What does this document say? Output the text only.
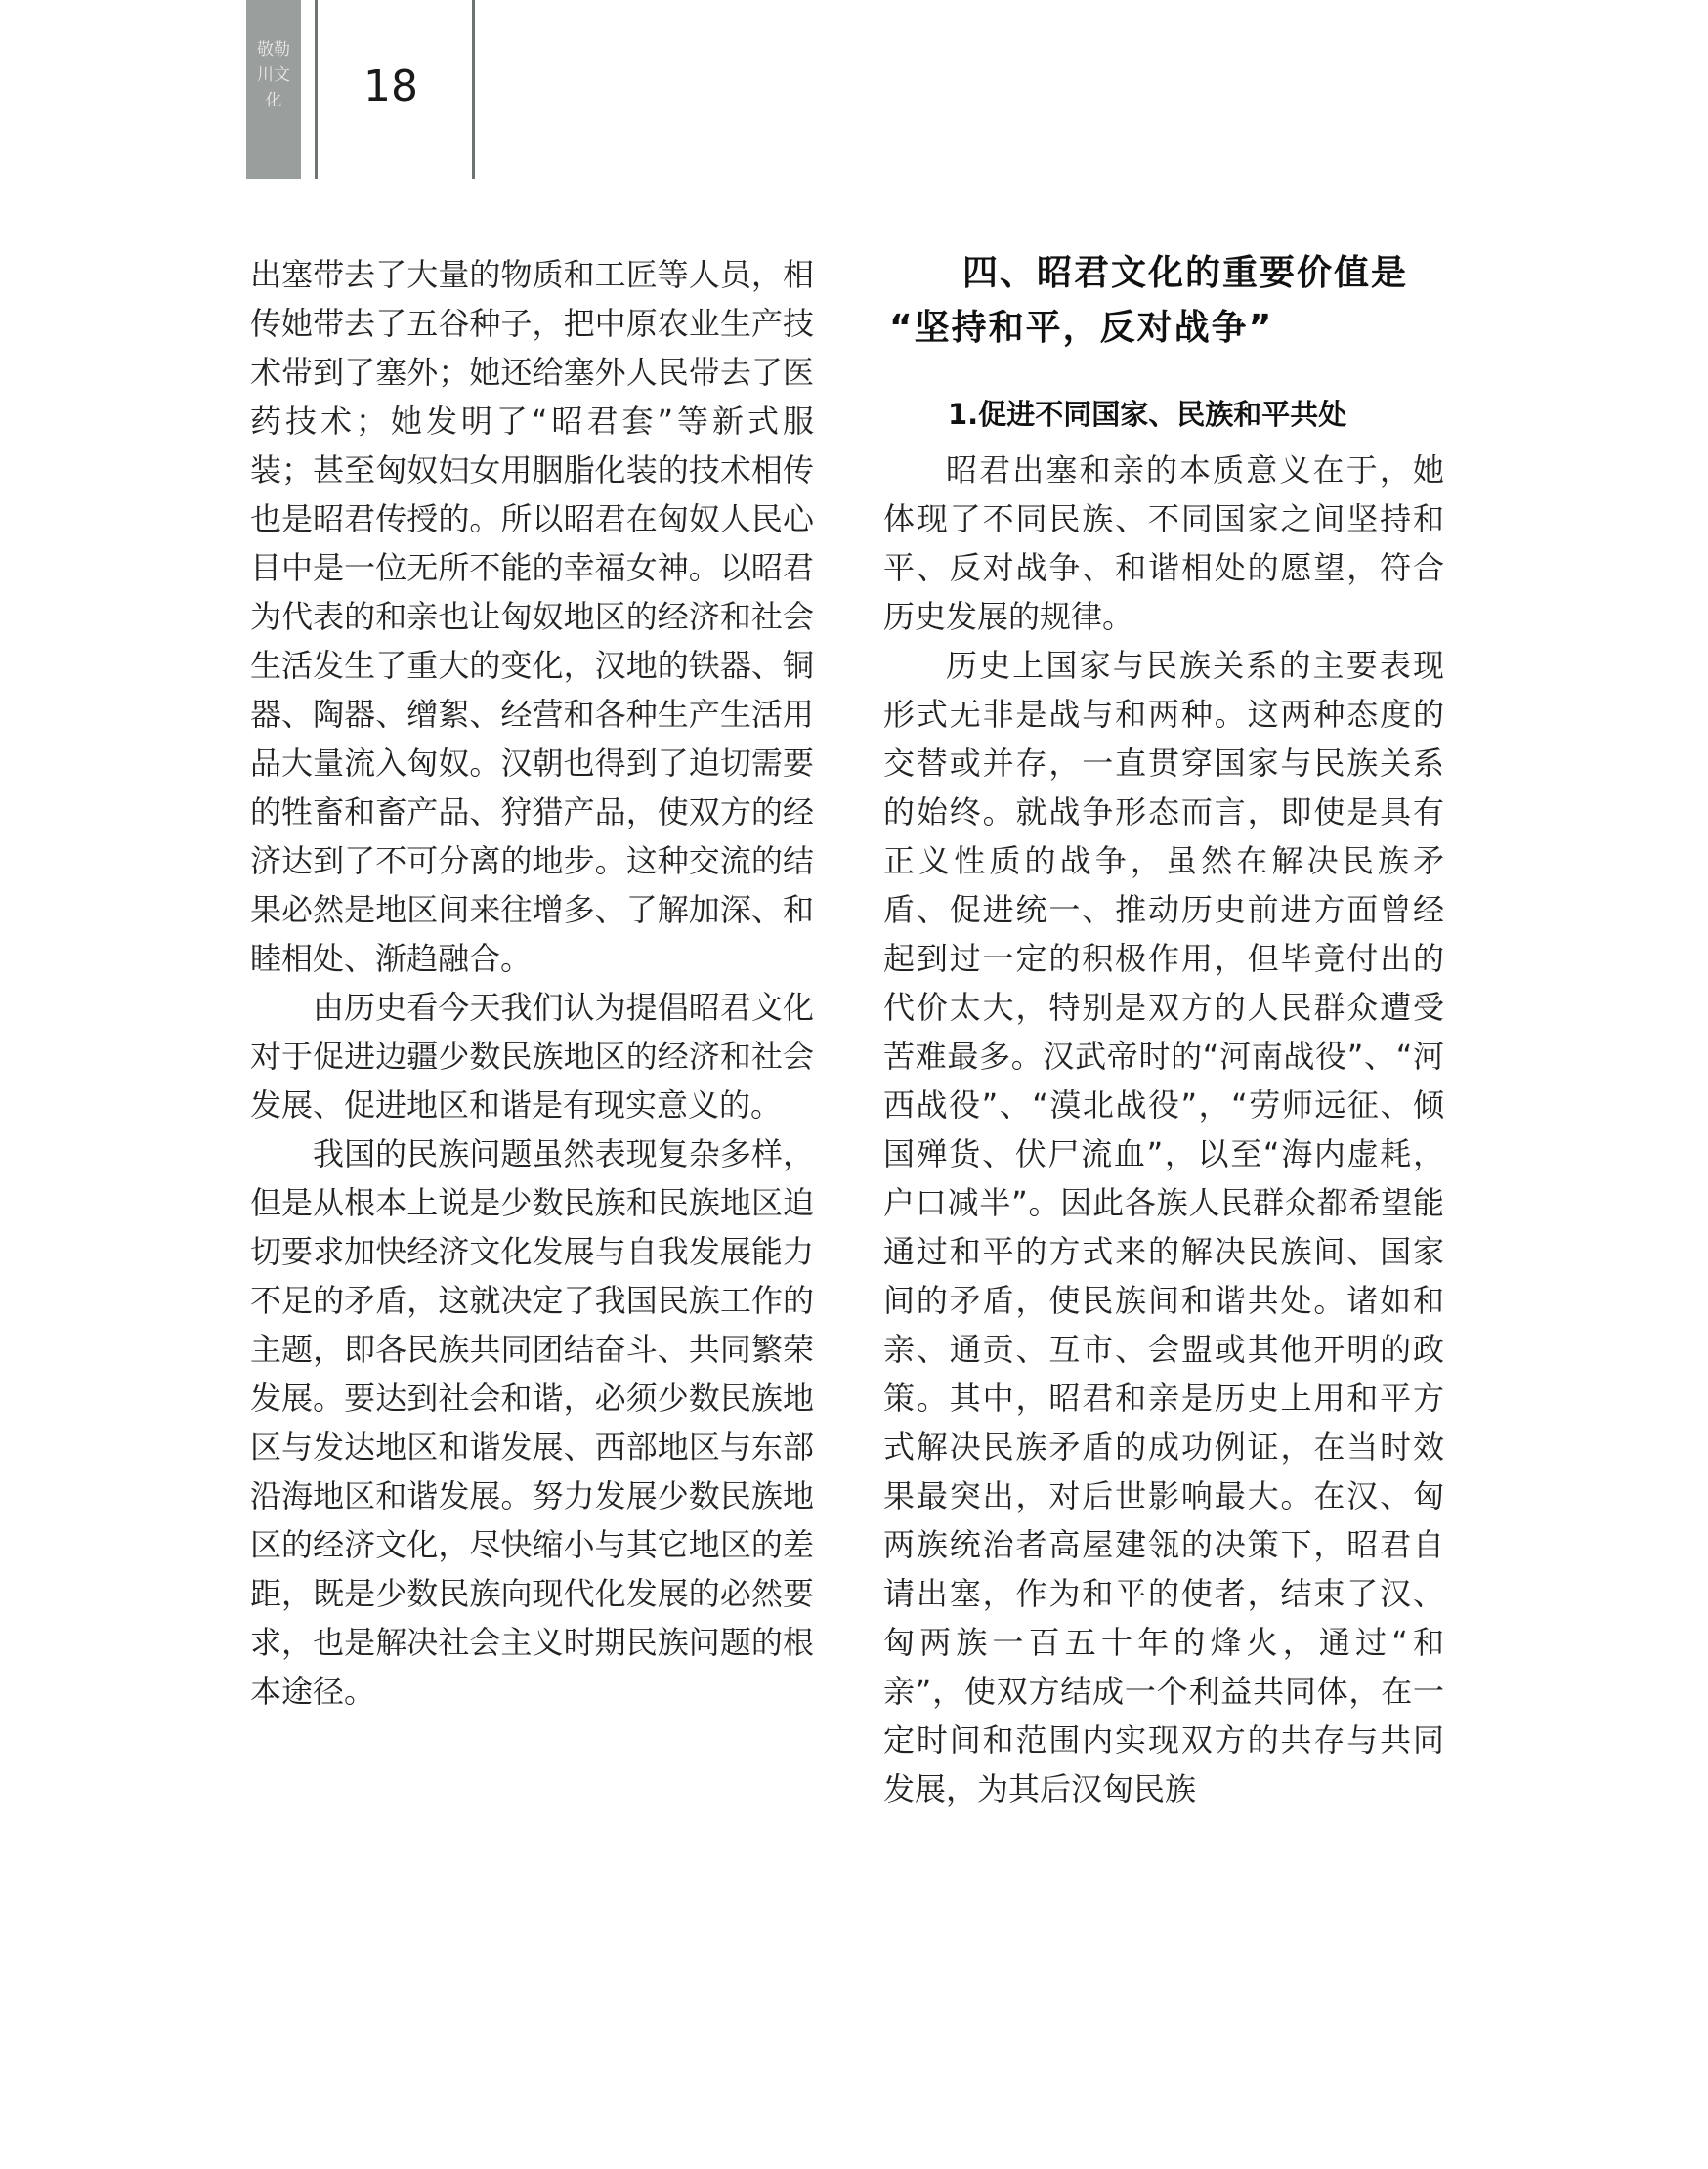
敬勒川文化 18

出塞带去了大量的物质和工匠等人员，相传她带去了五谷种子，把中原农业生产技术带到了塞外；她还给塞外人民带去了医药技术；她发明了“昭君套”等新式服装；甚至匈奴妇女用胭脂化装的技术相传也是昭君传授的。所以昭君在匈奴人民心目中是一位无所不能的幸福女神。以昭君为代表的和亲也让匈奴地区的经济和社会生活发生了重大的变化，汉地的铁器、铜器、陶器、缯絮、经营和各种生产生活用品大量流入匈奴。汉朝也得到了迫切需要的牲畜和畜产品、狩猎产品，使双方的经济达到了不可分离的地步。这种交流的结果必然是地区间来往增多、了解加深、和睦相处、渐趋融合。

由历史看今天我们认为提倡昭君文化对于促进边疆少数民族地区的经济和社会发展、促进地区和谐是有现实意义的。

我国的民族问题虽然表现复杂多样，但是从根本上说是少数民族和民族地区迫切要求加快经济文化发展与自我发展能力不足的矛盾，这就决定了我国民族工作的主题，即各民族共同团结奋斗、共同繁荣发展。要达到社会和谐，必须少数民族地区与发达地区和谐发展、西部地区与东部沿海地区和谐发展。努力发展少数民族地区的经济文化，尽快缩小与其它地区的差距，既是少数民族向现代化发展的必然要求，也是解决社会主义时期民族问题的根本途径。

四、昭君文化的重要价值是
“坚持和平，反对战争”
1.促进不同国家、民族和平共处

昭君出塞和亲的本质意义在于，她体现了不同民族、不同国家之间坚持和平、反对战争、和谐相处的愿望，符合历史发展的规律。

历史上国家与民族关系的主要表现形式无非是战与和两种。这两种态度的交替或并存，一直贯穿国家与民族关系的始终。就战争形态而言，即使是具有正义性质的战争，虽然在解决民族矛盾、促进统一、推动历史前进方面曾经起到过一定的积极作用，但毕竟付出的代价太大，特别是双方的人民群众遭受苦难最多。汉武帝时的“河南战役”、“河西战役”、“漠北战役”，“劳师远征、倾国殚货、伏尸流血”，以至“海内虚耗，户口减半”。因此各族人民群众都希望能通过和平的方式来的解决民族间、国家间的矛盾，使民族间和谐共处。诸如和亲、通贡、互市、会盟或其他开明的政策。其中，昭君和亲是历史上用和平方式解决民族矛盾的成功例证，在当时效果最突出，对后世影响最大。在汉、匈两族统治者高屋建瓴的决策下，昭君自请出塞，作为和平的使者，结束了汉、匈两族一百五十年的烽火，通过“和亲”，使双方结成一个利益共同体，在一定时间和范围内实现双方的共存与共同发展，为其后汉匈民族
